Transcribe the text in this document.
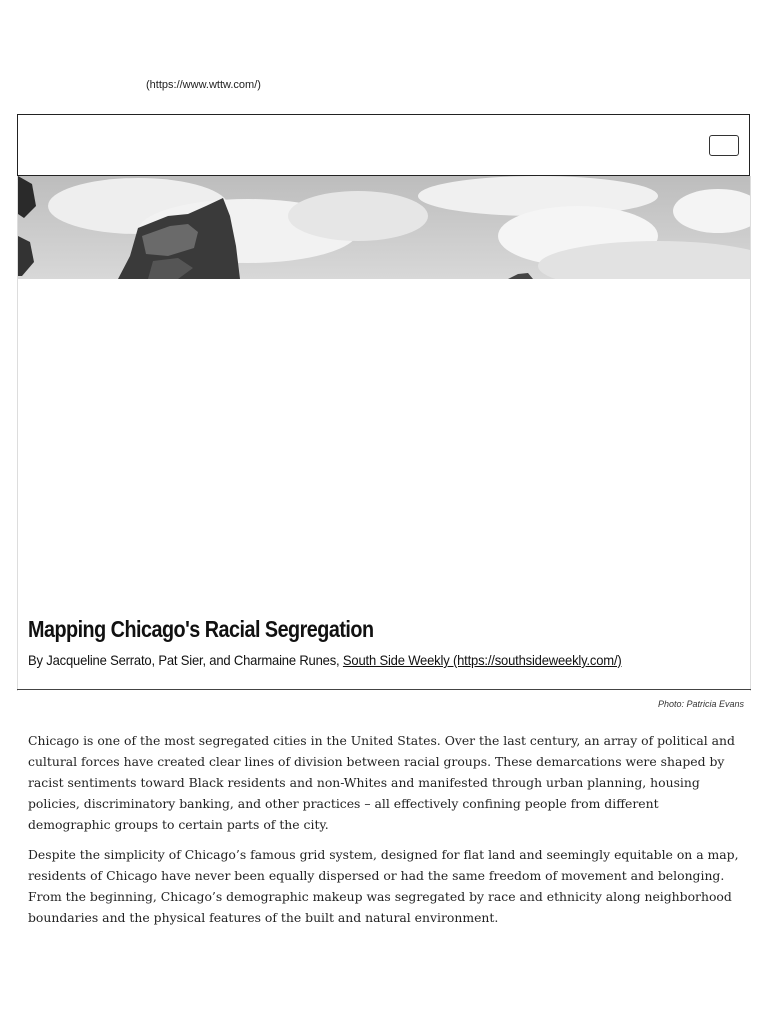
(https://www.wttw.com/)
Mapping Chicago's Racial Segregation
By Jacqueline Serrato, Pat Sier, and Charmaine Runes, South Side Weekly (https://southsideweekly.com/)
Photo: Patricia Evans

Chicago is one of the most segregated cities in the United States. Over the last century, an array of political and cultural forces have created clear lines of division between racial groups. These demarcations were shaped by racist sentiments toward Black residents and non-Whites and manifested through urban planning, housing policies, discriminatory banking, and other practices – all effectively confining people from different demographic groups to certain parts of the city.

Despite the simplicity of Chicago’s famous grid system, designed for flat land and seemingly equitable on a map, residents of Chicago have never been equally dispersed or had the same freedom of movement and belonging. From the beginning, Chicago’s demographic makeup was segregated by race and ethnicity along neighborhood boundaries and the physical features of the built and natural environment.
